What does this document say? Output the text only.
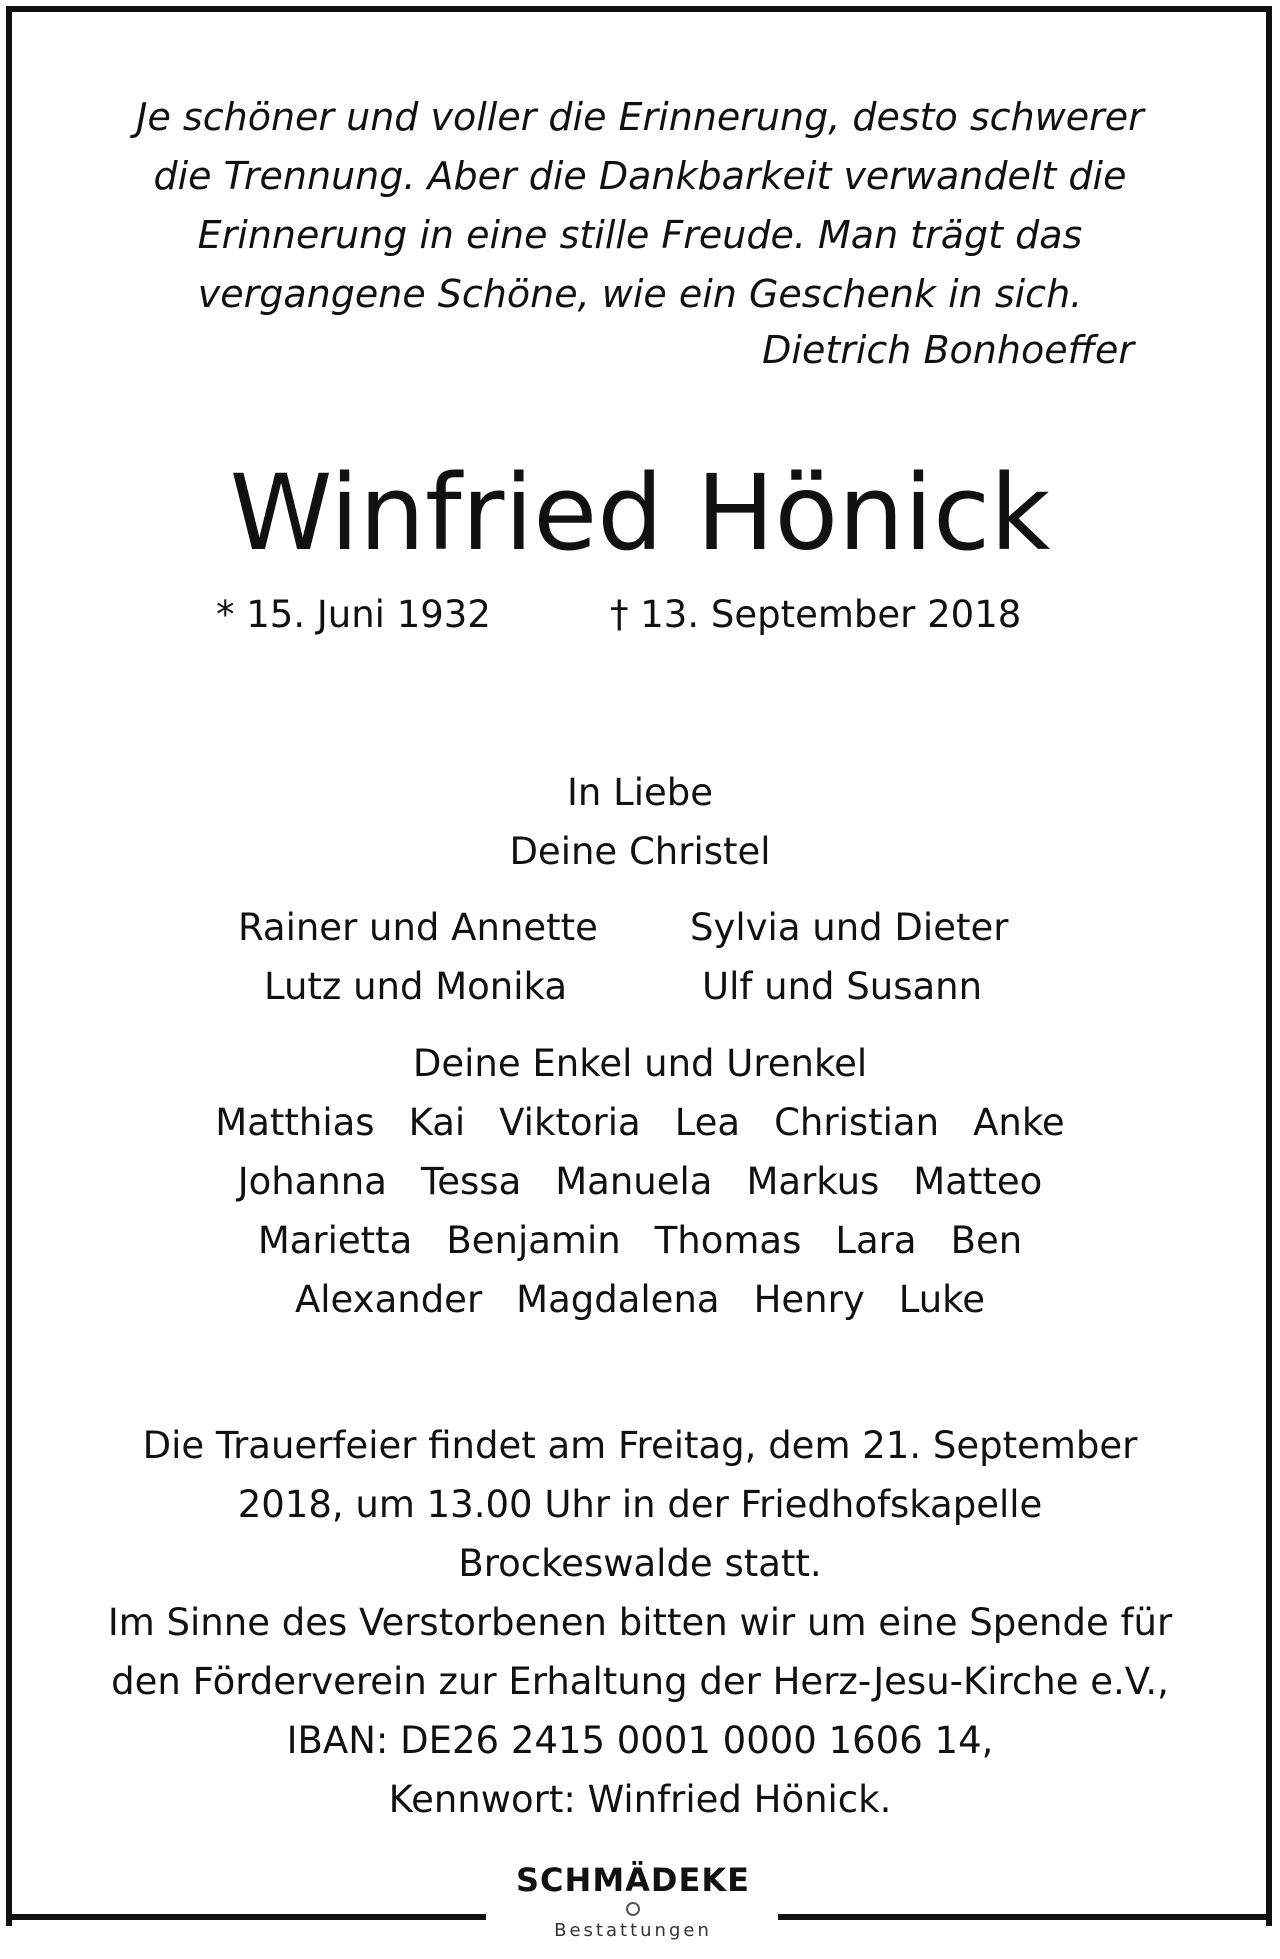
Je schöner und voller die Erinnerung, desto schwerer
die Trennung. Aber die Dankbarkeit verwandelt die
Erinnerung in eine stille Freude. Man trägt das
vergangene Schöne, wie ein Geschenk in sich.
Dietrich Bonhoeffer
Winfried Hönick
* 15. Juni 1932	† 13. September 2018
In Liebe
Deine Christel
Rainer und Annette Sylvia und Dieter
Lutz und Monika	Ulf und Susann
Deine Enkel und Urenkel
Matthias Kai Viktoria Lea Christian Anke
Johanna Tessa Manuela Markus Matteo
Marietta Benjamin Thomas Lara Ben
Alexander Magdalena Henry Luke
Die Trauerfeier findet am Freitag, dem 21. September
2018, um 13.00 Uhr in der Friedhofskapelle
Brockeswalde statt.
Im Sinne des Verstorbenen bitten wir um eine Spende für
den Förderverein zur Erhaltung der Herz-Jesu-Kirche e.V.,
IBAN: DE26 2415 0001 0000 1606 14,
Kennwort: Winfried Hönick.
SCHMÄDEKE
Bestattungen
